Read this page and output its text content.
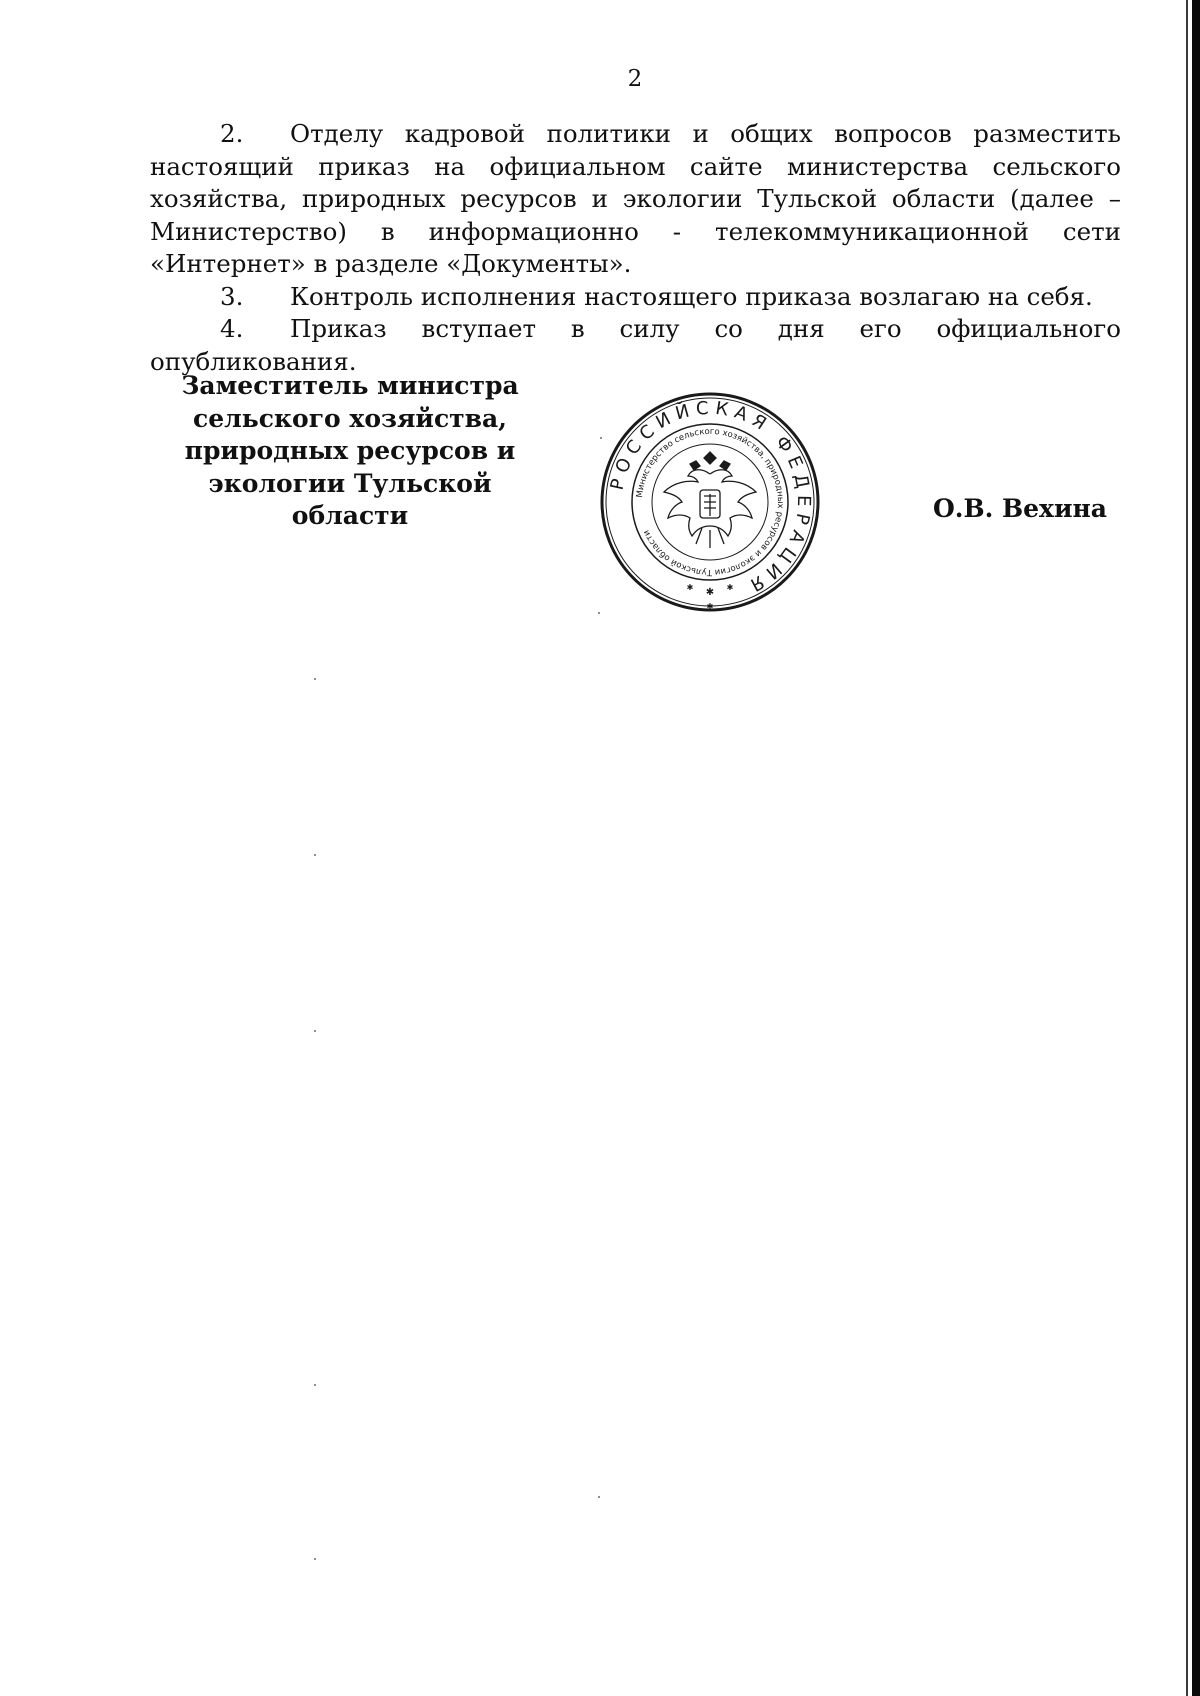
2

2. Отделу кадровой политики и общих вопросов разместить настоящий приказ на официальном сайте министерства сельского хозяйства, природных ресурсов и экологии Тульской области (далее – Министерство) в информационно - телекоммуникационной сети «Интернет» в разделе «Документы».

3. Контроль исполнения настоящего приказа возлагаю на себя.

4. Приказ вступает в силу со дня его официального опубликования.

Заместитель министра
сельского хозяйства,
природных ресурсов и
экологии Тульской
области	О.В. Вехина
РОССИЙСКАЯ ФЕДЕРАЦИЯ
Министерство сельского хозяйства, природных ресурсов и экологии Тульской области
✱
✱	✱
✱
